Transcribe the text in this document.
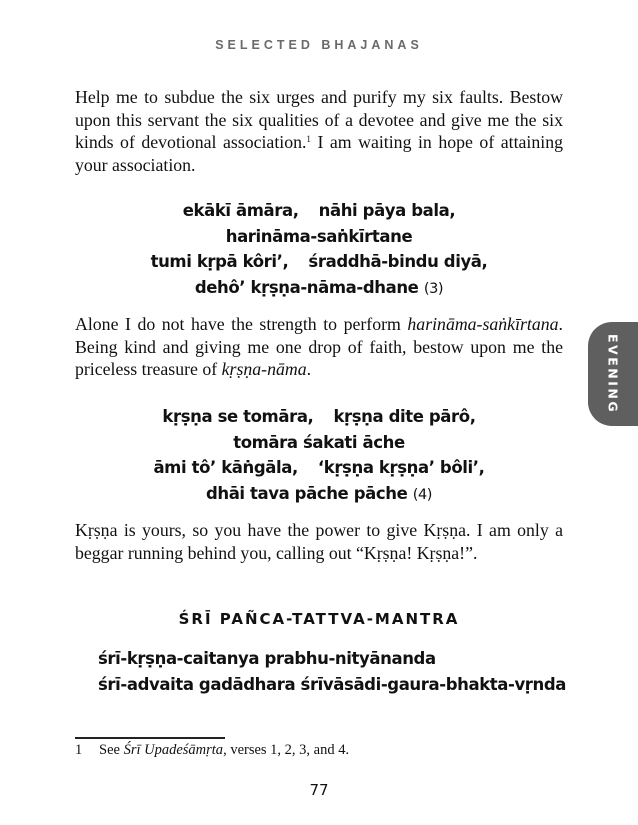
SELECTED BHAJANAS

Help me to subdue the six urges and purify my six faults. Bestow upon this servant the six qualities of a devotee and give me the six kinds of devotional association.$^1$ I am waiting in hope of attaining your association.

ekākī āmāra, nāhi pāya bala,
harināma-saṅkīrtane
tumi kṛpā kôri’, śraddhā-bindu diyā,
dehô’ kṛṣṇa-nāma-dhane (3)

Alone I do not have the strength to perform harināma-saṅkīrtana. Being kind and giving me one drop of faith, bestow upon me the priceless treasure of kṛṣṇa-nāma.

kṛṣṇa se tomāra, kṛṣṇa dite pārô,
tomāra śakati āche
āmi tô’ kāṅgāla, ‘kṛṣṇa kṛṣṇa’ bôli’,
dhāi tava pāche pāche (4)

Kṛṣṇa is yours, so you have the power to give Kṛṣṇa. I am only a beggar running behind you, calling out “Kṛṣṇa! Kṛṣṇa!”.

ŚRĪ PAÑCA-TATTVA-MANTRA
śrī-kṛṣṇa-caitanya prabhu-nityānanda
śrī-advaita gadādhara śrīvāsādi-gaura-bhakta-vṛnda
1 See Śrī Upadeśāmṛta, verses 1, 2, 3, and 4.
77
EVENING
